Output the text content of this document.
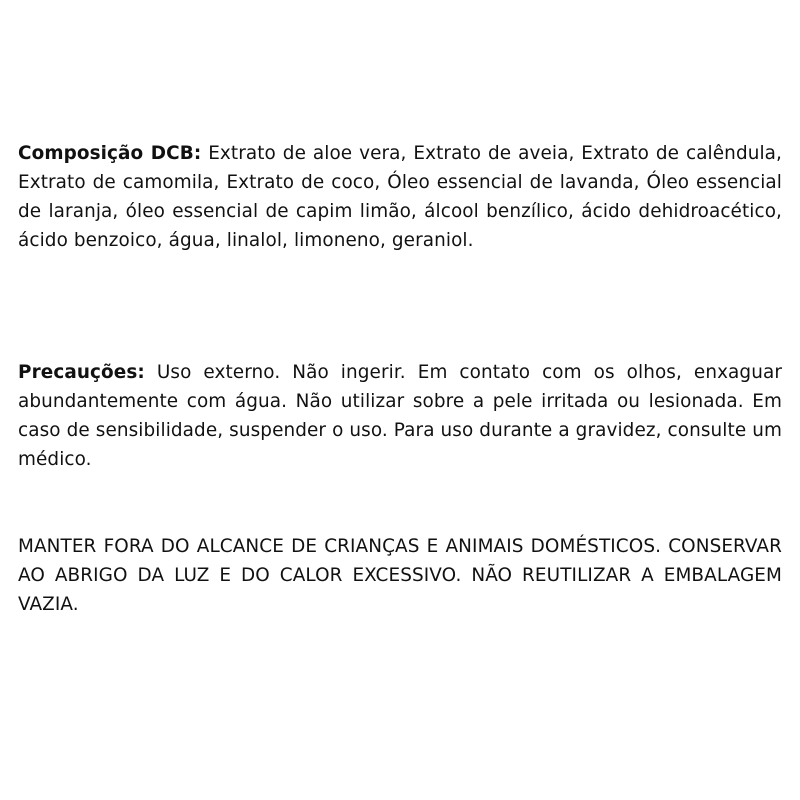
Composição DCB: Extrato de aloe vera, Extrato de aveia, Extrato de calêndula, Extrato de camomila, Extrato de coco, Óleo essencial de lavanda, Óleo essencial de laranja, óleo essencial de capim limão, álcool benzílico, ácido dehidroacético, ácido benzoico, água, linalol, limoneno, geraniol.

Precauções: Uso externo. Não ingerir. Em contato com os olhos, enxaguar abundantemente com água. Não utilizar sobre a pele irritada ou lesionada. Em caso de sensibilidade, suspender o uso. Para uso durante a gravidez, consulte um médico.

MANTER FORA DO ALCANCE DE CRIANÇAS E ANIMAIS DOMÉSTICOS. CONSERVAR AO ABRIGO DA LUZ E DO CALOR EXCESSIVO. NÃO REUTILIZAR A EMBALAGEM VAZIA.
